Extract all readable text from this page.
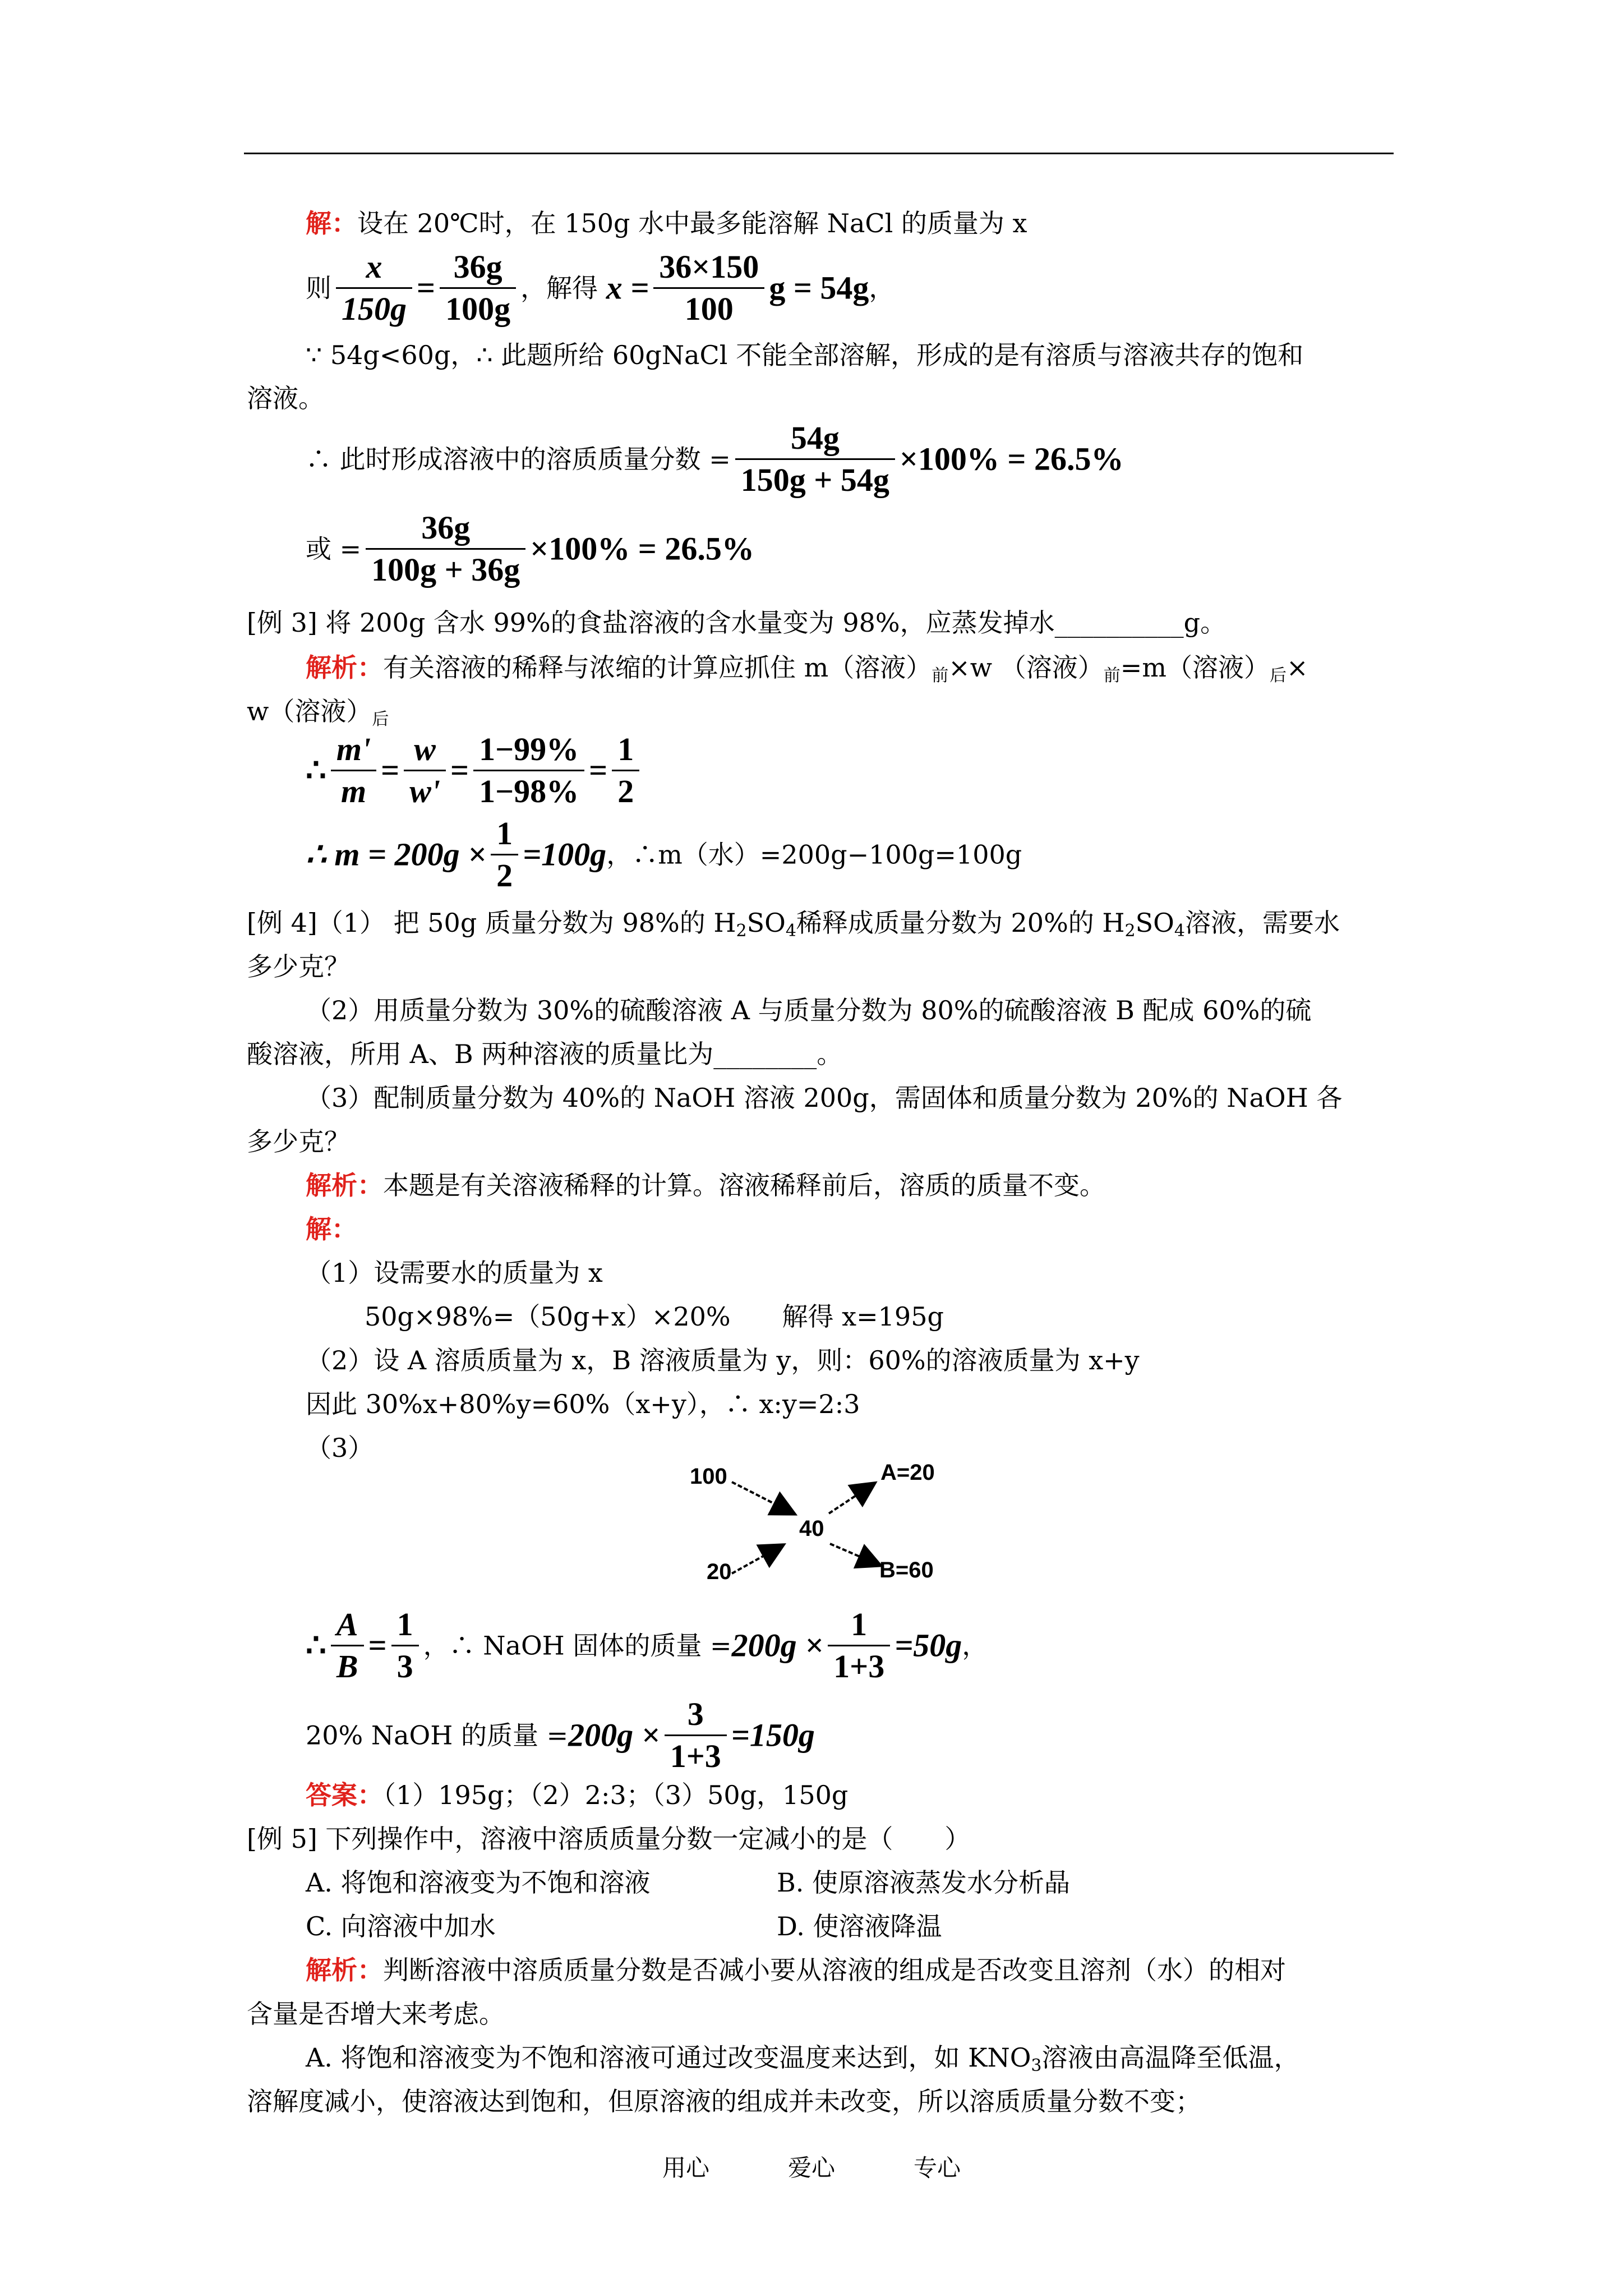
解：设在 20℃时，在 150g 水中最多能溶解 NaCl 的质量为 x
则 $\frac{x}{150g} = \frac{36g}{100g}$ ，解得 $x = \frac{36\times 150}{100}$ g = 54g，
∵ 54g<60g，∴ 此题所给 60gNaCl 不能全部溶解，形成的是有溶质与溶液共存的饱和
溶液。
∴ 此时形成溶液中的溶质质量分数 = $\frac{54g}{150g + 54g} \times 100\% = 26.5\%$
或 = $\frac{36g}{100g + 36g} \times 100\% = 26.5\%$
[例 3] 将 200g 含水 99%的食盐溶液的含水量变为 98%，应蒸发掉水__________g。
解析：有关溶液的稀释与浓缩的计算应抓住 m（溶液）$_前\times w$ （溶液）$_前=m$（溶液）$_后\times$
w（溶液）$_后$
∴ $\frac{m'}{m} = \frac{w}{w'} = \frac{1-99\%}{1-98\%} = \frac{1}{2}$
∴ $m = 200g \times \frac{1}{2} =100g$，∴m（水）=200g−100g=100g
[例 4]（1） 把 50g 质量分数为 98%的 $H_2SO_4$稀释成质量分数为 20%的 $H_2SO_4$溶液，需要水
多少克？
（2）用质量分数为 30%的硫酸溶液 A 与质量分数为 80%的硫酸溶液 B 配成 60%的硫
酸溶液，所用 A、B 两种溶液的质量比为________。
（3）配制质量分数为 40%的 NaOH 溶液 200g，需固体和质量分数为 20%的 NaOH 各
多少克？
解析：本题是有关溶液稀释的计算。溶液稀释前后，溶质的质量不变。
解：
（1）设需要水的质量为 x
50g×98%=（50g+x）×20%　　解得 x=195g
（2）设 A 溶质质量为 x，B 溶液质量为 y，则：60%的溶液质量为 x+y
因此 30%x+80%y=60%（x+y），∴ x:y=2:3
（3）
100
20
40
A=20
B=60
∴ $\frac{A}{B} = \frac{1}{3}$ ，∴ NaOH 固体的质量 $=200g \times \frac{1}{1+3} =50g$，
20% NaOH 的质量 $=200g \times \frac{3}{1+3} =150g$
答案：（1）195g；（2）2:3；（3）50g，150g
[例 5] 下列操作中，溶液中溶质质量分数一定减小的是（　　）
A. 将饱和溶液变为不饱和溶液	B. 使原溶液蒸发水分析晶
C. 向溶液中加水	D. 使溶液降温
解析：判断溶液中溶质质量分数是否减小要从溶液的组成是否改变且溶剂（水）的相对
含量是否增大来考虑。
A. 将饱和溶液变为不饱和溶液可通过改变温度来达到，如 $KNO_3$溶液由高温降至低温，
溶解度减小，使溶液达到饱和，但原溶液的组成并未改变，所以溶质质量分数不变；
用心	爱心	专心
